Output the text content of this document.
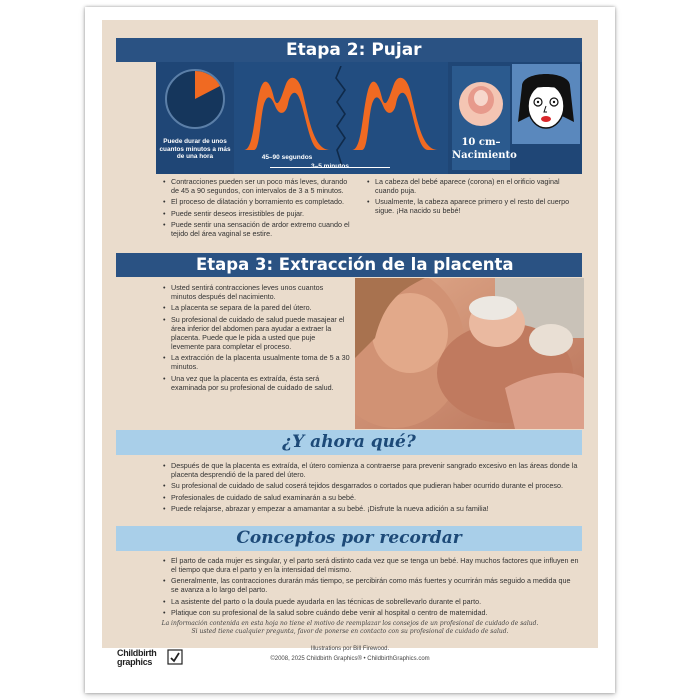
Etapa 2: Pujar
Puede durar de unos cuantos minutos a más de una hora	45–90 segundos
3–5 minutos
10 cm–Nacimiento
• Contracciones pueden ser un poco más leves, durando de 45 a 90 segundos, con intervalos de 3 a 5 minutos.
• El proceso de dilatación y borramiento es completado.
• Puede sentir deseos irresistibles de pujar.
• Puede sentir una sensación de ardor extremo cuando el tejido del área vaginal se estire.
• La cabeza del bebé aparece (corona) en el orificio vaginal cuando puja.
• Usualmente, la cabeza aparece primero y el resto del cuerpo sigue. ¡Ha nacido su bebé!
Etapa 3: Extracción de la placenta
• Usted sentirá contracciones leves unos cuantos minutos después del nacimiento.
• La placenta se separa de la pared del útero.
• Su profesional de cuidado de salud puede masajear el área inferior del abdomen para ayudar a extraer la placenta. Puede que le pida a usted que puje levemente para completar el proceso.
• La extracción de la placenta usualmente toma de 5 a 30 minutos.
• Una vez que la placenta es extraída, ésta será examinada por su profesional de cuidado de salud.
¿Y ahora qué?
• Después de que la placenta es extraída, el útero comienza a contraerse para prevenir sangrado excesivo en las áreas donde la placenta desprendió de la pared del útero.
• Su profesional de cuidado de salud coserá tejidos desgarrados o cortados que pudieran haber ocurrido durante el proceso.
• Profesionales de cuidado de salud examinarán a su bebé.
• Puede relajarse, abrazar y empezar a amamantar a su bebé. ¡Disfrute la nueva adición a su familia!
Conceptos por recordar
• El parto de cada mujer es singular, y el parto será distinto cada vez que se tenga un bebé. Hay muchos factores que influyen en el tiempo que dura el parto y en la intensidad del mismo.
• Generalmente, las contracciones durarán más tiempo, se percibirán como más fuertes y ocurrirán más seguido a medida que se avanza a lo largo del parto.
• La asistente del parto o la doula puede ayudarla en las técnicas de sobrellevarlo durante el parto.
• Platique con su profesional de la salud sobre cuándo debe venir al hospital o centro de maternidad.
La información contenida en esta hoja no tiene el motivo de reemplazar los consejos de un profesional de cuidado de salud.
Si usted tiene cualquier pregunta, favor de ponerse en contacto con su profesional de cuidado de salud.
Childbirth
graphics
Illustrations por Bill Firewood.
©2008, 2025 Childbirth Graphics® • ChildbirthGraphics.com
